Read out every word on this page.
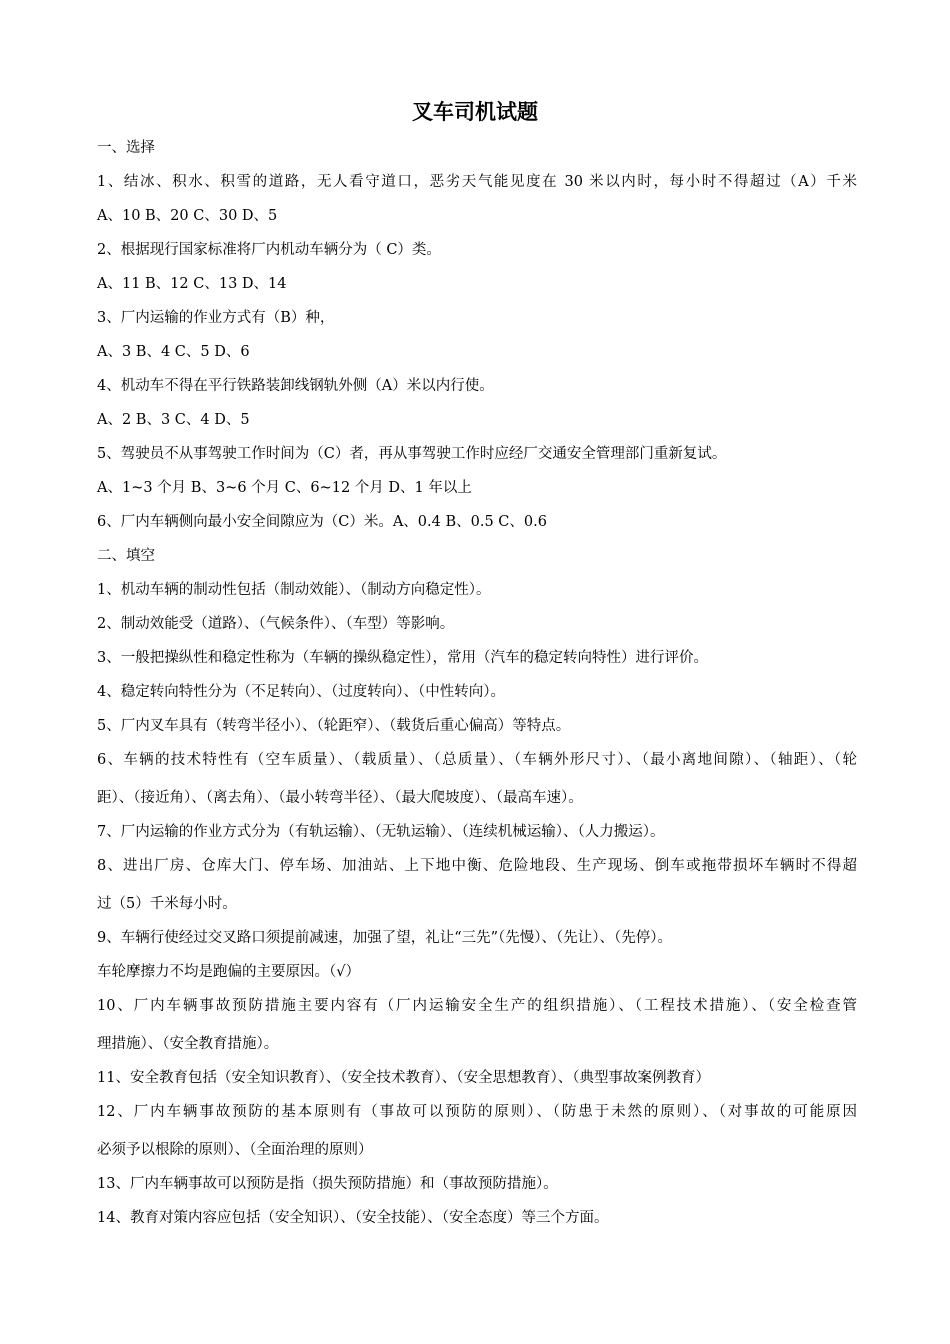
叉车司机试题
一、选择
1、结冰、积水、积雪的道路，无人看守道口，恶劣天气能见度在 30 米以内时，每小时不得超过（A）千米
A、10 B、20 C、30 D、5
2、根据现行国家标准将厂内机动车辆分为（ C）类。
A、11 B、12 C、13 D、14
3、厂内运输的作业方式有（B）种，
A、3 B、4 C、5 D、6
4、机动车不得在平行铁路装卸线钢轨外侧（A）米以内行使。
A、2 B、3 C、4 D、5
5、驾驶员不从事驾驶工作时间为（C）者，再从事驾驶工作时应经厂交通安全管理部门重新复试。
A、1~3 个月 B、3~6 个月 C、6~12 个月 D、1 年以上
6、厂内车辆侧向最小安全间隙应为（C）米。A、0.4 B、0.5 C、0.6
二、填空
1、机动车辆的制动性包括（制动效能）、（制动方向稳定性）。
2、制动效能受（道路）、（气候条件）、（车型）等影响。
3、一般把操纵性和稳定性称为（车辆的操纵稳定性），常用（汽车的稳定转向特性）进行评价。
4、稳定转向特性分为（不足转向）、（过度转向）、（中性转向）。
5、厂内叉车具有（转弯半径小）、（轮距窄）、（载货后重心偏高）等特点。
6、车辆的技术特性有（空车质量）、（载质量）、（总质量）、（车辆外形尺寸）、（最小离地间隙）、（轴距）、（轮
距）、（接近角）、（离去角）、（最小转弯半径）、（最大爬坡度）、（最高车速）。
7、厂内运输的作业方式分为（有轨运输）、（无轨运输）、（连续机械运输）、（人力搬运）。
8、进出厂房、仓库大门、停车场、加油站、上下地中衡、危险地段、生产现场、倒车或拖带损坏车辆时不得超
过（5）千米每小时。
9、车辆行使经过交叉路口须提前减速，加强了望，礼让“三先”（先慢）、（先让）、（先停）。
车轮摩擦力不均是跑偏的主要原因。（√）
10、厂内车辆事故预防措施主要内容有（厂内运输安全生产的组织措施）、（工程技术措施）、（安全检查管
理措施）、（安全教育措施）。
11、安全教育包括（安全知识教育）、（安全技术教育）、（安全思想教育）、（典型事故案例教育）
12、厂内车辆事故预防的基本原则有（事故可以预防的原则）、（防患于未然的原则）、（对事故的可能原因
必须予以根除的原则）、（全面治理的原则）
13、厂内车辆事故可以预防是指（损失预防措施）和（事故预防措施）。
14、教育对策内容应包括（安全知识）、（安全技能）、（安全态度）等三个方面。
